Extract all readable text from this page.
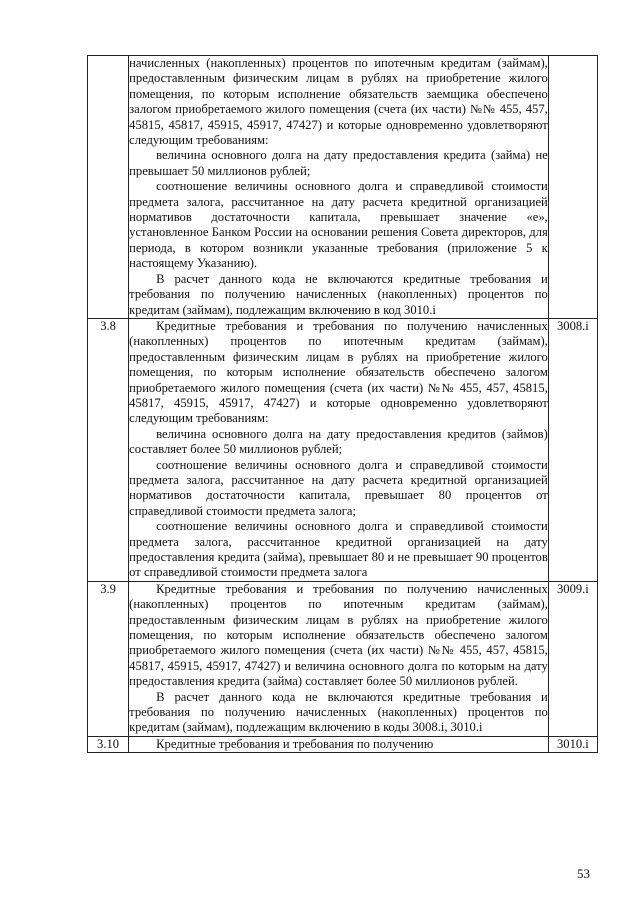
	начисленных (накопленных) процентов по ипотечным кредитам (займам), предоставленным физическим лицам в рублях на приобретение жилого помещения, по которым исполнение обязательств заемщика обеспечено залогом приобретаемого жилого помещения (счета (их части) №№ 455, 457, 45815, 45817, 45915, 45917, 47427) и которые одновременно удовлетворяют следующим требованиям:

величина основного долга на дату предоставления кредита (займа) не превышает 50 миллионов рублей;

соотношение величины основного долга и справедливой стоимости предмета залога, рассчитанное на дату расчета кредитной организацией нормативов достаточности капитала, превышает значение «е», установленное Банком России на основании решения Совета директоров, для периода, в котором возникли указанные требования (приложение 5 к настоящему Указанию).

В расчет данного кода не включаются кредитные требования и требования по получению начисленных (накопленных) процентов по кредитам (займам), подлежащим включению в код 3010.i	

3.8	Кредитные требования и требования по получению начисленных (накопленных) процентов по ипотечным кредитам (займам), предоставленным физическим лицам в рублях на приобретение жилого помещения, по которым исполнение обязательств обеспечено залогом приобретаемого жилого помещения (счета (их части) №№ 455, 457, 45815, 45817, 45915, 45917, 47427) и которые одновременно удовлетворяют следующим требованиям:

величина основного долга на дату предоставления кредитов (займов) составляет более 50 миллионов рублей;

соотношение величины основного долга и справедливой стоимости предмета залога, рассчитанное на дату расчета кредитной организацией нормативов достаточности капитала, превышает 80 процентов от справедливой стоимости предмета залога;

соотношение величины основного долга и справедливой стоимости предмета залога, рассчитанное кредитной организацией на дату предоставления кредита (займа), превышает 80 и не превышает 90 процентов от справедливой стоимости предмета залога	3008.i
3.9	Кредитные требования и требования по получению начисленных (накопленных) процентов по ипотечным кредитам (займам), предоставленным физическим лицам в рублях на приобретение жилого помещения, по которым исполнение обязательств обеспечено залогом приобретаемого жилого помещения (счета (их части) №№ 455, 457, 45815, 45817, 45915, 45917, 47427) и величина основного долга по которым на дату предоставления кредита (займа) составляет более 50 миллионов рублей.

В расчет данного кода не включаются кредитные требования и требования по получению начисленных (накопленных) процентов по кредитам (займам), подлежащим включению в коды 3008.i, 3010.i	3009.i
3.10	Кредитные требования и требования по получению	3010.i
53
